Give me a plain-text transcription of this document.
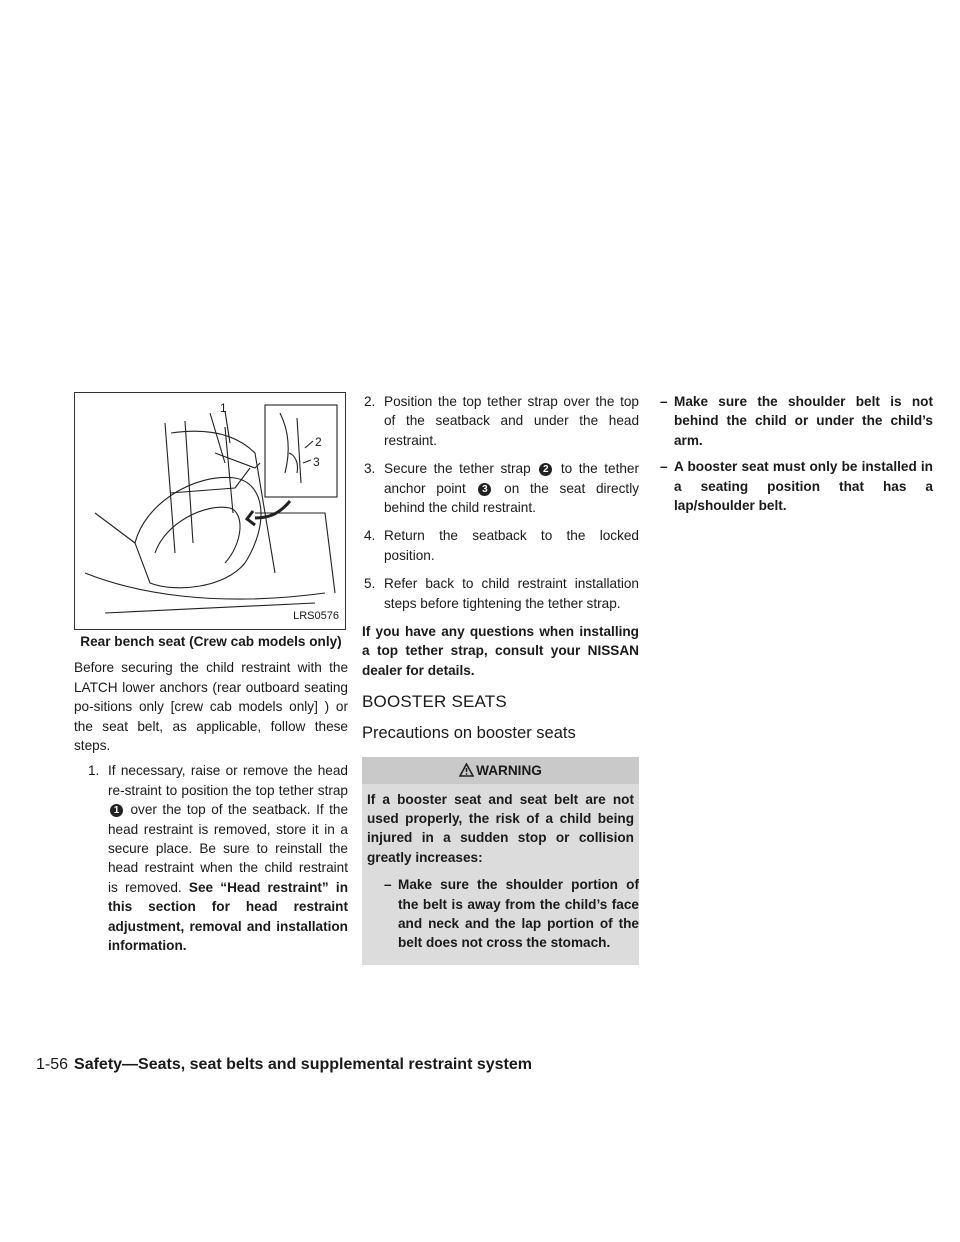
1
2
3
LRS0576
Rear bench seat (Crew cab models only)

Before securing the child restraint with the LATCH lower anchors (rear outboard seating po-sitions only [crew cab models only] ) or the seat belt, as applicable, follow these steps.

1. If necessary, raise or remove the head re-straint to position the top tether strap 1 over the top of the seatback. If the head restraint is removed, store it in a secure place. Be sure to reinstall the head restraint when the child restraint is removed. See “Head restraint” in this section for head restraint adjustment, removal and installation information.
2. Position the top tether strap over the top of the seatback and under the head restraint.
3. Secure the tether strap 2 to the tether anchor point 3 on the seat directly behind the child restraint.
4. Return the seatback to the locked position.
5. Refer back to child restraint installation steps before tightening the tether strap.

If you have any questions when installing a top tether strap, consult your NISSAN dealer for details.

BOOSTER SEATS
Precautions on booster seats
WARNING
If a booster seat and seat belt are not used properly, the risk of a child being injured in a sudden stop or collision greatly increases:
– Make sure the shoulder portion of the belt is away from the child’s face and neck and the lap portion of the belt does not cross the stomach.
– Make sure the shoulder belt is not behind the child or under the child’s arm.
– A booster seat must only be installed in a seating position that has a lap/shoulder belt.
1-56 Safety—Seats, seat belts and supplemental restraint system
